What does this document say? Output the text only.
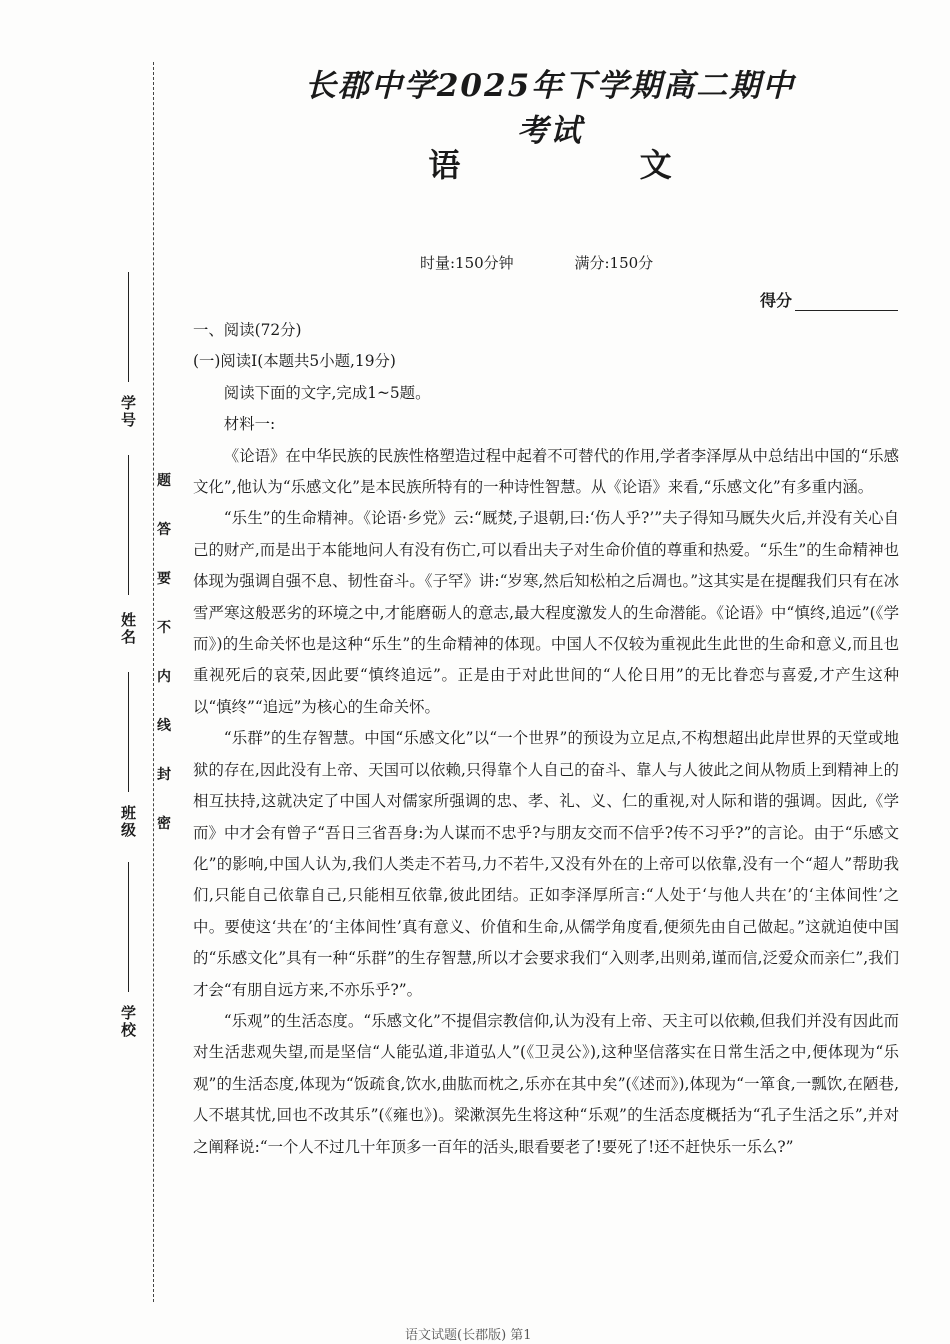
学号
姓名
班级
学校
题
答
要
不
内
线
封
密
长郡中学2025年下学期高二期中考试
语 文
时量:150分钟	满分:150分
得分

一、阅读(72分)

(一)阅读Ⅰ(本题共5小题,19分)

阅读下面的文字,完成1~5题。

材料一:

《论语》在中华民族的民族性格塑造过程中起着不可替代的作用,学者李泽厚从中总结出中国的“乐感文化”,他认为“乐感文化”是本民族所特有的一种诗性智慧。从《论语》来看,“乐感文化”有多重内涵。

“乐生”的生命精神。《论语·乡党》云:“厩焚,子退朝,曰:‘伤人乎?’”夫子得知马厩失火后,并没有关心自己的财产,而是出于本能地问人有没有伤亡,可以看出夫子对生命价值的尊重和热爱。“乐生”的生命精神也体现为强调自强不息、韧性奋斗。《子罕》讲:“岁寒,然后知松柏之后凋也。”这其实是在提醒我们只有在冰雪严寒这般恶劣的环境之中,才能磨砺人的意志,最大程度激发人的生命潜能。《论语》中“慎终,追远”(《学而》)的生命关怀也是这种“乐生”的生命精神的体现。中国人不仅较为重视此生此世的生命和意义,而且也重视死后的哀荣,因此要“慎终追远”。正是由于对此世间的“人伦日用”的无比眷恋与喜爱,才产生这种以“慎终”“追远”为核心的生命关怀。

“乐群”的生存智慧。中国“乐感文化”以“一个世界”的预设为立足点,不构想超出此岸世界的天堂或地狱的存在,因此没有上帝、天国可以依赖,只得靠个人自己的奋斗、靠人与人彼此之间从物质上到精神上的相互扶持,这就决定了中国人对儒家所强调的忠、孝、礼、义、仁的重视,对人际和谐的强调。因此,《学而》中才会有曾子“吾日三省吾身:为人谋而不忠乎?与朋友交而不信乎?传不习乎?”的言论。由于“乐感文化”的影响,中国人认为,我们人类走不若马,力不若牛,又没有外在的上帝可以依靠,没有一个“超人”帮助我们,只能自己依靠自己,只能相互依靠,彼此团结。正如李泽厚所言:“人处于‘与他人共在’的‘主体间性’之中。要使这‘共在’的‘主体间性’真有意义、价值和生命,从儒学角度看,便须先由自己做起。”这就迫使中国的“乐感文化”具有一种“乐群”的生存智慧,所以才会要求我们“入则孝,出则弟,谨而信,泛爱众而亲仁”,我们才会“有朋自远方来,不亦乐乎?”。

“乐观”的生活态度。“乐感文化”不提倡宗教信仰,认为没有上帝、天主可以依赖,但我们并没有因此而对生活悲观失望,而是坚信“人能弘道,非道弘人”(《卫灵公》),这种坚信落实在日常生活之中,便体现为“乐观”的生活态度,体现为“饭疏食,饮水,曲肱而枕之,乐亦在其中矣”(《述而》),体现为“一箪食,一瓢饮,在陋巷,人不堪其忧,回也不改其乐”(《雍也》)。梁漱溟先生将这种“乐观”的生活态度概括为“孔子生活之乐”,并对之阐释说:“一个人不过几十年顶多一百年的活头,眼看要老了!要死了!还不赶快乐一乐么?”

语文试题(长郡版) 第1
